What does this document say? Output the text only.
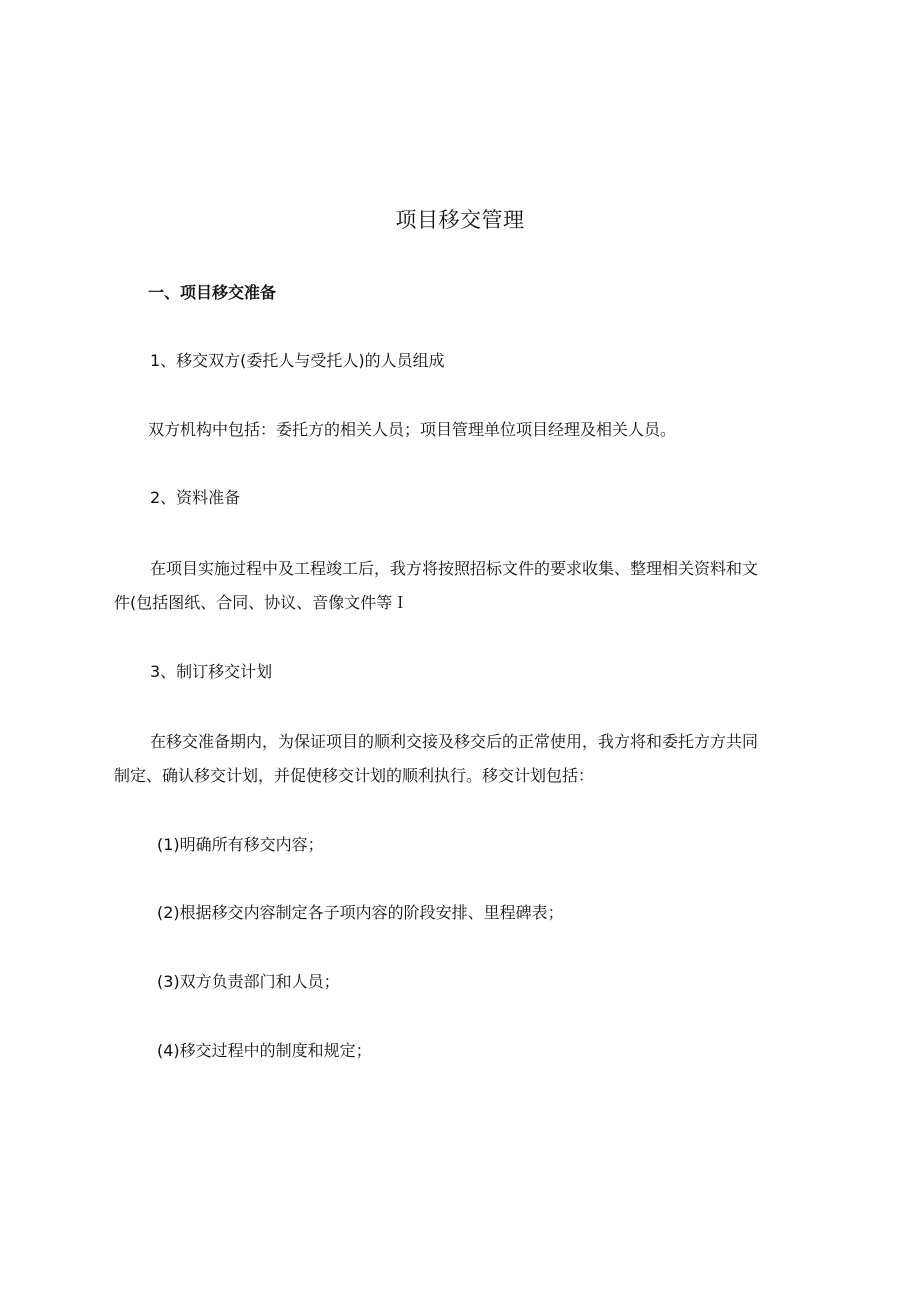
项目移交管理
一、项目移交准备
1、移交双方(委托人与受托人)的人员组成
双方机构中包括：委托方的相关人员；项目管理单位项目经理及相关人员。
2、资料准备
在项目实施过程中及工程竣工后，我方将按照招标文件的要求收集、整理相关资料和文
件(包括图纸、合同、协议、音像文件等Ｉ
3、制订移交计划
在移交准备期内，为保证项目的顺利交接及移交后的正常使用，我方将和委托方方共同
制定、确认移交计划，并促使移交计划的顺利执行。移交计划包括：
(1)明确所有移交内容；
(2)根据移交内容制定各子项内容的阶段安排、里程碑表；
(3)双方负责部门和人员；
(4)移交过程中的制度和规定；
